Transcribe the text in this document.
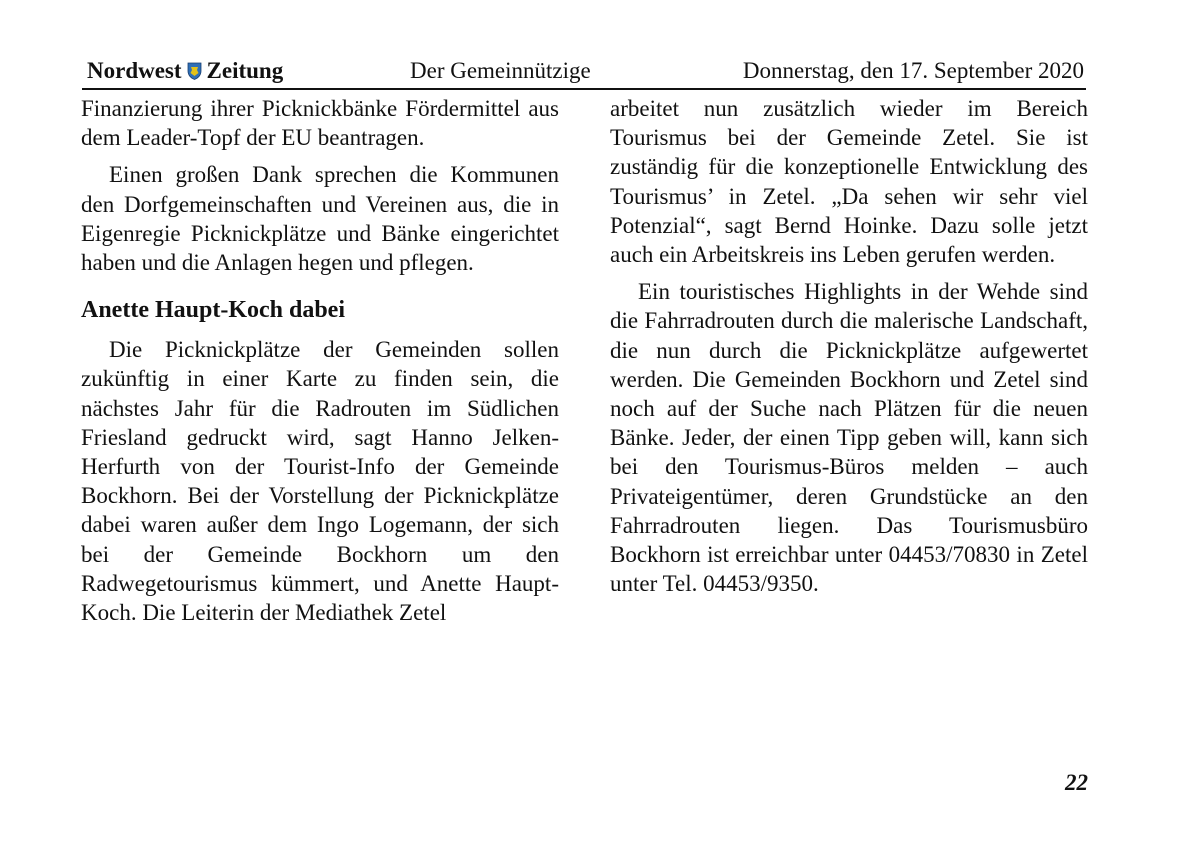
Nordwest Zeitung	Der Gemeinnützige	Donnerstag, den 17. September 2020

Finanzierung ihrer Picknickbänke Fördermittel aus dem Leader-Topf der EU beantragen.

Einen großen Dank sprechen die Kommunen den Dorfgemeinschaften und Vereinen aus, die in Eigenregie Picknickplätze und Bänke eingerichtet haben und die Anlagen hegen und pflegen.

Anette Haupt-Koch dabei

Die Picknickplätze der Gemeinden sollen zukünftig in einer Karte zu finden sein, die nächstes Jahr für die Radrouten im Südlichen Friesland gedruckt wird, sagt Hanno Jelken-Herfurth von der Tourist-Info der Gemeinde Bockhorn. Bei der Vorstellung der Picknickplätze dabei waren außer dem Ingo Logemann, der sich bei der Gemeinde Bockhorn um den Radwegetourismus kümmert, und Anette Haupt-Koch. Die Leiterin der Mediathek Zetel

arbeitet nun zusätzlich wieder im Bereich Tourismus bei der Gemeinde Zetel. Sie ist zuständig für die konzeptionelle Entwicklung des Tourismus’ in Zetel. „Da sehen wir sehr viel Potenzial“, sagt Bernd Hoinke. Dazu solle jetzt auch ein Arbeitskreis ins Leben gerufen werden.

Ein touristisches Highlights in der Wehde sind die Fahrradrouten durch die malerische Landschaft, die nun durch die Picknickplätze aufgewertet werden. Die Gemeinden Bockhorn und Zetel sind noch auf der Suche nach Plätzen für die neuen Bänke. Jeder, der einen Tipp geben will, kann sich bei den Tourismus-Büros melden – auch Privateigentümer, deren Grundstücke an den Fahrradrouten liegen. Das Tourismusbüro Bockhorn ist erreichbar unter 04453/70830 in Zetel unter Tel. 04453/9350.

22
